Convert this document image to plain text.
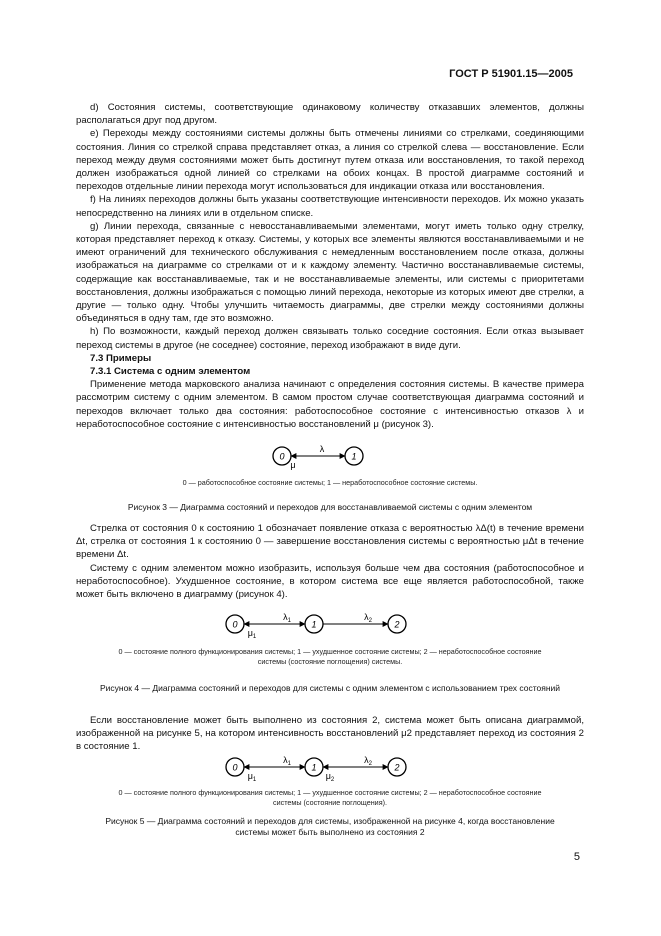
ГОСТ Р 51901.15—2005

d) Состояния системы, соответствующие одинаковому количеству отказавших элементов, должны располагаться друг под другом.

e) Переходы между состояниями системы должны быть отмечены линиями со стрелками, соединяющими состояния. Линия со стрелкой справа представляет отказ, а линия со стрелкой слева — восстановление. Если переход между двумя состояниями может быть достигнут путем отказа или восстановления, то такой переход должен изображаться одной линией со стрелками на обоих концах. В простой диаграмме состояний и переходов отдельные линии перехода могут использоваться для индикации отказа или восстановления.

f) На линиях переходов должны быть указаны соответствующие интенсивности переходов. Их можно указать непосредственно на линиях или в отдельном списке.

g) Линии перехода, связанные с невосстанавливаемыми элементами, могут иметь только одну стрелку, которая представляет переход к отказу. Системы, у которых все элементы являются восстанавливаемыми и не имеют ограничений для технического обслуживания с немедленным восстановлением после отказа, должны изображаться на диаграмме со стрелками от и к каждому элементу. Частично восстанавливаемые системы, содержащие как восстанавливаемые, так и не восстанавливаемые элементы, или системы с приоритетами восстановления, должны изображаться с помощью линий перехода, некоторые из которых имеют две стрелки, а другие — только одну. Чтобы улучшить читаемость диаграммы, две стрелки между состояниями должны объединяться в одну там, где это возможно.

h) По возможности, каждый переход должен связывать только соседние состояния. Если отказ вызывает переход системы в другое (не соседнее) состояние, переход изображают в виде дуги.

7.3 Примеры

7.3.1 Система с одним элементом

Применение метода марковского анализа начинают с определения состояния системы. В качестве примера рассмотрим систему с одним элементом. В самом простом случае соответствующая диаграмма состояний и переходов включает только два состояния: работоспособное состояние с интенсивностью отказов λ и неработоспособное состояние с интенсивностью восстановлений μ (рисунок 3).

0	1
λ
μ
0 — работоспособное состояние системы; 1 — неработоспособное состояние системы.
Рисунок 3 — Диаграмма состояний и переходов для восстанавливаемой системы с одним элементом

Стрелка от состояния 0 к состоянию 1 обозначает появление отказа с вероятностью λΔ(t) в течение времени Δt, стрелка от состояния 1 к состоянию 0 — завершение восстановления системы с вероятностью μΔt в течение времени Δt.

Систему с одним элементом можно изобразить, используя больше чем два состояния (работоспособное и неработоспособное). Ухудшенное состояние, в котором система все еще является работоспособной, также может быть включено в диаграмму (рисунок 4).

0	1	2
$\lambda_1$	$\lambda_2$
$\mu_1$
0 — состояние полного функционирования системы; 1 — ухудшенное состояние системы; 2 — неработоспособное состояние
системы (состояние поглощения) системы.
Рисунок 4 — Диаграмма состояний и переходов для системы с одним элементом с использованием трех состояний

Если восстановление может быть выполнено из состояния 2, система может быть описана диаграммой, изображенной на рисунке 5, на котором интенсивность восстановлений μ2 представляет переход из состояния 2 в состояние 1.

0	1	2
$\lambda_1$	$\lambda_2$
$\mu_1$	$\mu_2$
0 — состояние полного функционирования системы; 1 — ухудшенное состояние системы; 2 — неработоспособное состояние
системы (состояние поглощения).
Рисунок 5 — Диаграмма состояний и переходов для системы, изображенной на рисунке 4, когда восстановление
системы может быть выполнено из состояния 2
5
